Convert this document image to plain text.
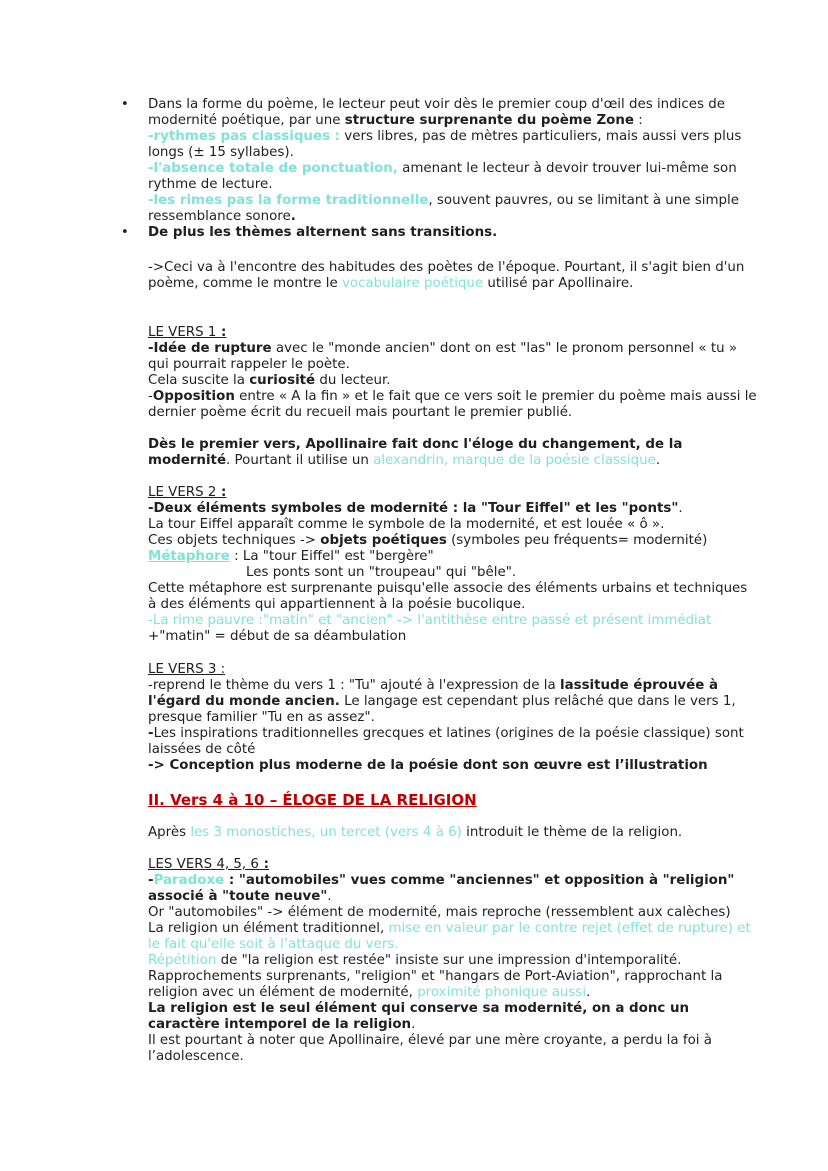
• Dans la forme du poème, le lecteur peut voir dès le premier coup d'œil des indices de modernité poétique, par une structure surprenante du poème Zone :
-rythmes pas classiques : vers libres, pas de mètres particuliers, mais aussi vers plus longs (± 15 syllabes).
-l'absence totale de ponctuation, amenant le lecteur à devoir trouver lui-même son rythme de lecture.
-les rimes pas la forme traditionnelle, souvent pauvres, ou se limitant à une simple ressemblance sonore.
• De plus les thèmes alternent sans transitions.
->Ceci va à l'encontre des habitudes des poètes de l'époque. Pourtant, il s'agit bien d'un poème, comme le montre le vocabulaire poétique utilisé par Apollinaire.
LE VERS 1 :
-Idée de rupture avec le "monde ancien" dont on est "las" le pronom personnel « tu » qui pourrait rappeler le poète.
Cela suscite la curiosité du lecteur.
-Opposition entre « A la fin » et le fait que ce vers soit le premier du poème mais aussi le dernier poème écrit du recueil mais pourtant le premier publié.
Dès le premier vers, Apollinaire fait donc l'éloge du changement, de la modernité. Pourtant il utilise un alexandrin, marque de la poésie classique.
LE VERS 2 :
-Deux éléments symboles de modernité : la "Tour Eiffel" et les "ponts".
La tour Eiffel apparaît comme le symbole de la modernité, et est louée « ô ».
Ces objets techniques -> objets poétiques (symboles peu fréquents= modernité)
Métaphore : La "tour Eiffel" est "bergère"
Les ponts sont un "troupeau" qui "bêle".
Cette métaphore est surprenante puisqu'elle associe des éléments urbains et techniques à des éléments qui appartiennent à la poésie bucolique.
-La rime pauvre :"matin" et "ancien" -> l'antithèse entre passé et présent immédiat
+"matin" = début de sa déambulation
LE VERS 3 :
-reprend le thème du vers 1 : "Tu" ajouté à l'expression de la lassitude éprouvée à l'égard du monde ancien. Le langage est cependant plus relâché que dans le vers 1, presque familier "Tu en as assez".
-Les inspirations traditionnelles grecques et latines (origines de la poésie classique) sont laissées de côté
-> Conception plus moderne de la poésie dont son œuvre est l’illustration
II. Vers 4 à 10 – ÉLOGE DE LA RELIGION
Après les 3 monostiches, un tercet (vers 4 à 6) introduit le thème de la religion.
LES VERS 4, 5, 6 :
-Paradoxe : "automobiles" vues comme "anciennes" et opposition à "religion" associé à "toute neuve".
Or "automobiles" -> élément de modernité, mais reproche (ressemblent aux calèches)
La religion un élément traditionnel, mise en valeur par le contre rejet (effet de rupture) et le fait qu'elle soit à l’attaque du vers.
Répétition de "la religion est restée" insiste sur une impression d'intemporalité.
Rapprochements surprenants, "religion" et "hangars de Port-Aviation", rapprochant la religion avec un élément de modernité, proximité phonique aussi.
La religion est le seul élément qui conserve sa modernité, on a donc un caractère intemporel de la religion.
Il est pourtant à noter que Apollinaire, élevé par une mère croyante, a perdu la foi à l’adolescence.
